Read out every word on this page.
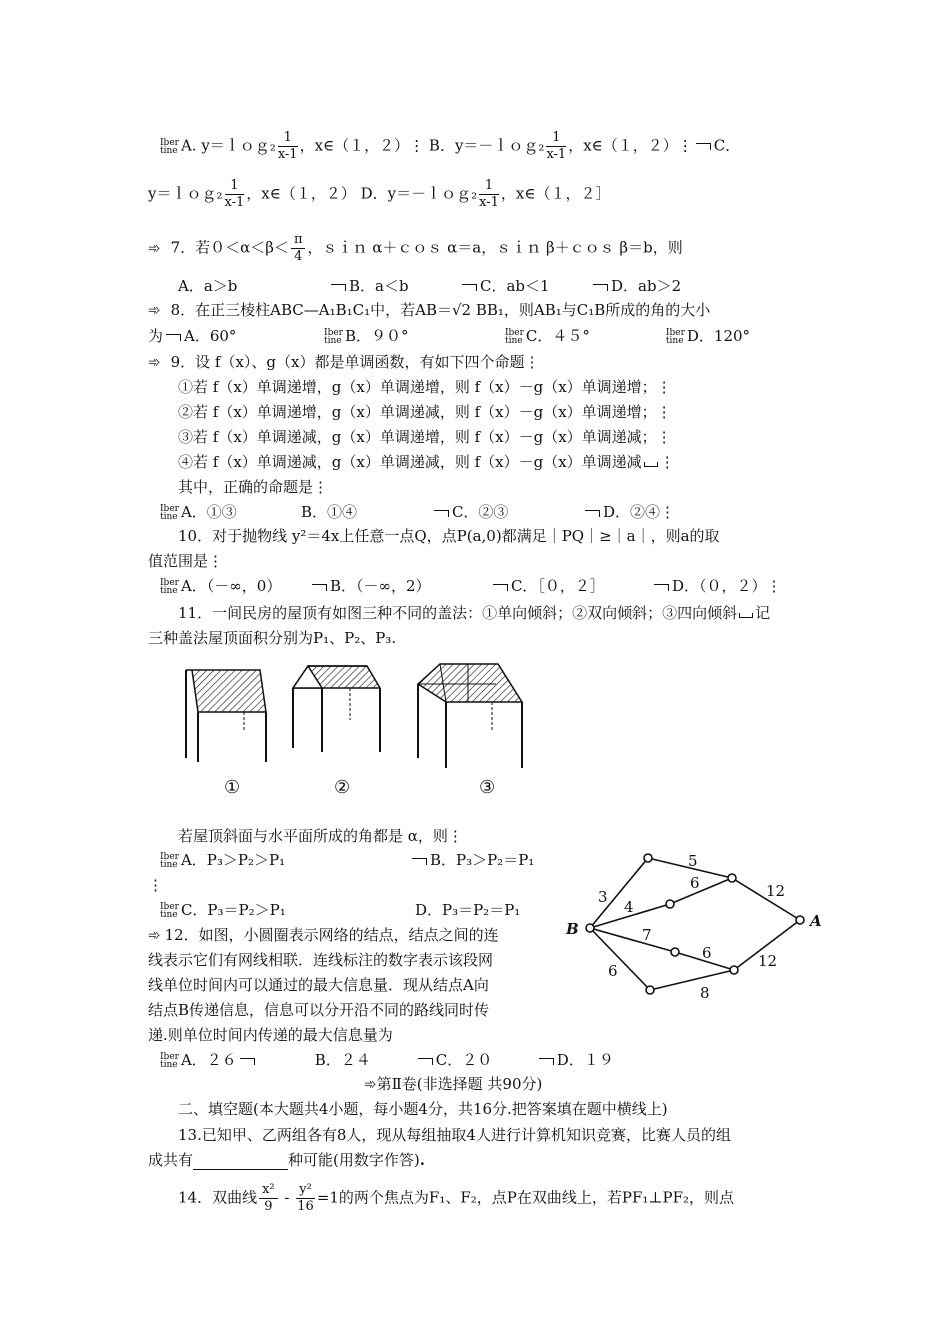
Iber
tine A. y＝ｌｏｇ₂ $\frac{1}{x-1}$ ，x∈（１，２）⋮ B．y＝－ｌｏｇ₂ $\frac{1}{x-1}$ ，x∈（１，２）⋮ C．
y＝ｌｏｇ₂ $\frac{1}{x-1}$ ，x∈（１，２） D．y＝－ｌｏｇ₂ $\frac{1}{x-1}$ ，x∈（１，２］
➾ 7．若$0<\alpha<\beta< \frac{\pi}{4}$ ，ｓｉｎ α＋ｃｏｓ α＝a，ｓｉｎ β＋ｃｏｓ β＝b，则
A．a＞b	B．a＜b	C．ab＜1	D．ab＞2
➾ 8．在正三棱柱ABC—A₁B₁C₁中，若AB＝√2 BB₁，则AB₁与C₁B所成的角的大小
为 A．60°	Iber
tine B．９０°	Iber
tine C．４５°	Iber
tine D．120°
➾ 9．设 f（x）、g（x）都是单调函数，有如下四个命题⋮
①若 f（x）单调递增，g（x）单调递增，则 f（x）－g（x）单调递增；⋮
②若 f（x）单调递增，g（x）单调递减，则 f（x）－g（x）单调递增；⋮
③若 f（x）单调递减，g（x）单调递增，则 f（x）－g（x）单调递减；⋮
④若 f（x）单调递减，g（x）单调递减，则 f（x）－g（x）单调递减 ⋮
其中，正确的命题是⋮
Iber
tine A．①③	B．①④	C．②③	D．②④⋮
10．对于抛物线 y²＝4x上任意一点Q，点P(a,0)都满足｜PQ｜≥｜a｜，则a的取
值范围是⋮
Iber
tine A．（－∞，0）	B．（－∞，2）	C．［０，２］	D．（０，２）⋮
11．一间民房的屋顶有如图三种不同的盖法：①单向倾斜；②双向倾斜；③四向倾斜 记
三种盖法屋顶面积分别为P₁、P₂、P₃.
①	②	③
若屋顶斜面与水平面所成的角都是 α，则⋮
Iber
tine A．P₃＞P₂＞P₁	B．P₃＞P₂＝P₁
⋮
Iber
tine C．P₃＝P₂＞P₁	D．P₃＝P₂＝P₁
➾ 12．如图，小圆圈表示网络的结点，结点之间的连
线表示它们有网线相联．连线标注的数字表示该段网
线单位时间内可以通过的最大信息量．现从结点A向
结点B传递信息，信息可以分开沿不同的路线同时传
递.则单位时间内传递的最大信息量为
B	A
3
5
6	12
4
7
6	12
6
8
Iber
tine A．２６	B．２４	C．２０	D．１９
➾第Ⅱ卷(非选择题 共90分)
二、填空题(本大题共4小题，每小题4分，共16分.把答案填在题中横线上)
13.已知甲、乙两组各有8人，现从每组抽取4人进行计算机知识竞赛，比赛人员的组
成共有	种可能(用数字作答).
14．双曲线 $\frac{\text{x²}}{9} - \frac{\text{y²}}{16} =1$的两个焦点为F₁、F₂，点P在双曲线上，若PF₁⊥PF₂，则点
